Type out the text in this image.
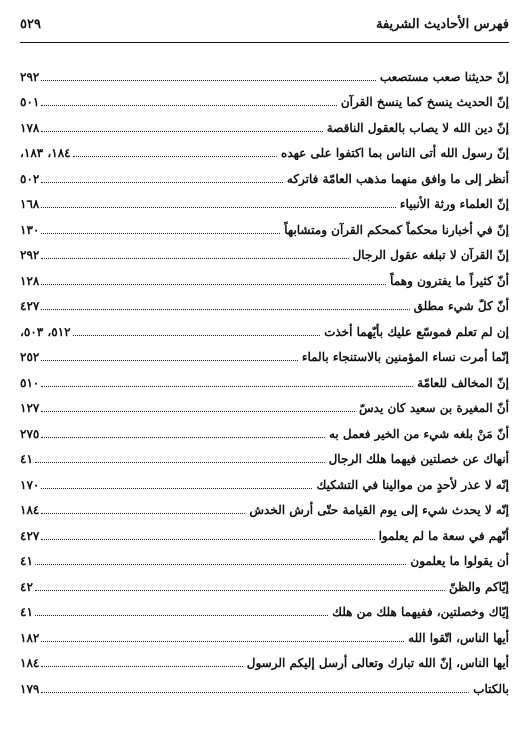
فهرس الأحاديث الشريفة
٥٢٩
إنّ حديثنا صعب مستصعب
٢٩٢
إنّ الحديث ينسخ كما ينسخ القرآن
٥٠١
إنّ دين الله لا يصاب بالعقول الناقصة
١٧٨
إنّ رسول الله أتى الناس بما اكتفوا على عهده
١٨٤، ١٨٣،
أنظر إلى ما وافق منهما مذهب العامّة فاتركه
٥٠٢
إنّ العلماء ورثة الأنبياء
١٦٨
إنّ في أخبارنا محكماً كمحكم القرآن ومتشابهاً
١٣٠
إنّ القرآن لا تبلغه عقول الرجال
٢٩٢
أنّ كثيراً ما يفترون وهماً
١٢٨
أنّ كلّ شيء مطلق
٤٢٧
إن لم تعلم فموسّع عليك بأيّهما أخذت
٥١٢، ٥٠٣،
إنّما أمرت نساء المؤمنين بالاستنجاء بالماء
٢٥٢
إنّ المخالف للعامّة
٥١٠
أنّ المغيرة بن سعيد كان يدسّ
١٢٧
أنّ مَنْ بلغه شيء من الخير فعمل به
٢٧٥
أنهاك عن خصلتين فيهما هلك الرجال
٤١
إنّه لا عذر لأحدٍ من موالينا في التشكيك
١٧٠
إنّه لا يحدث شيء إلى يوم القيامة حتّى أرش الخدش
١٨٤
أنّهم في سعة ما لم يعلموا
٤٢٧
أن يقولوا ما يعلمون
٤١
إيّاكم والظنّ
٤٢
إيّاك وخصلتين، ففيهما هلك من هلك
٤١
أيها الناس، اتّقوا الله
١٨٢
أيها الناس، إنّ الله تبارك وتعالى أرسل إليكم الرسول
١٨٤
بالكتاب
١٧٩
